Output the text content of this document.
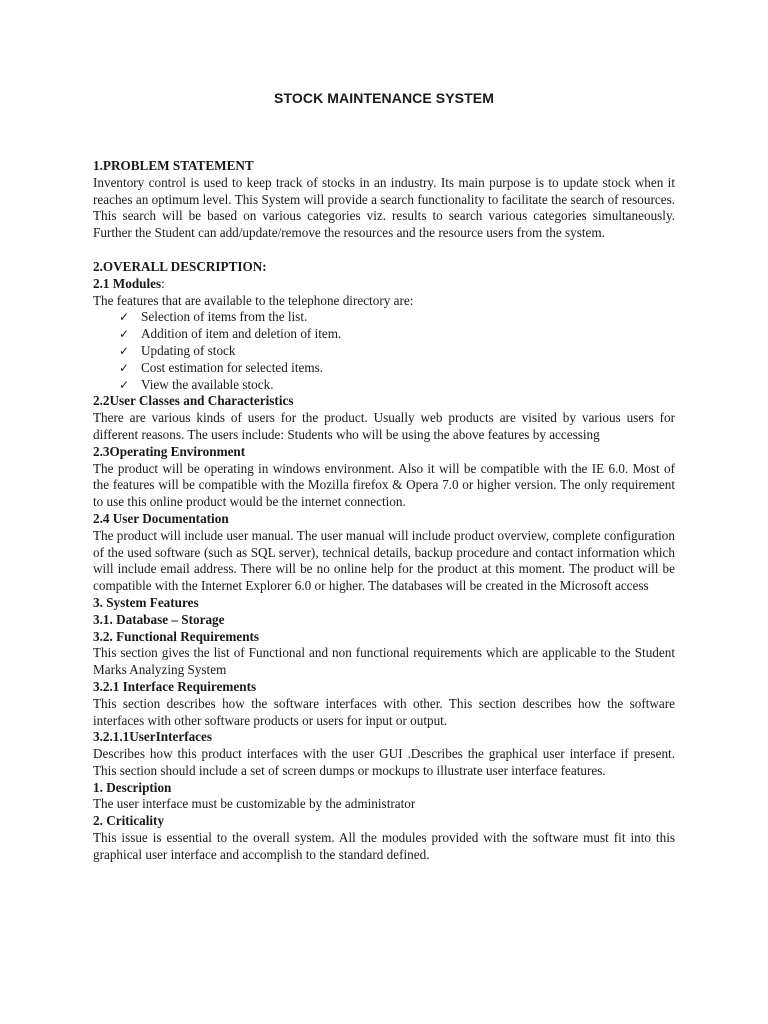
STOCK MAINTENANCE SYSTEM

1.PROBLEM STATEMENT

Inventory control is used to keep track of stocks in an industry. Its main purpose is to update stock when it reaches an optimum level. This System will provide a search functionality to facilitate the search of resources. This search will be based on various categories viz. results to search various categories simultaneously. Further the Student can add/update/remove the resources and the resource users from the system.

2.OVERALL DESCRIPTION:

2.1 Modules:

The features that are available to the telephone directory are:

✓ Selection of items from the list.
✓ Addition of item and deletion of item.
✓ Updating of stock
✓ Cost estimation for selected items.
✓ View the available stock.

2.2User Classes and Characteristics

There are various kinds of users for the product. Usually web products are visited by various users for different reasons. The users include: Students who will be using the above features by accessing

2.3Operating Environment

The product will be operating in windows environment. Also it will be compatible with the IE 6.0. Most of the features will be compatible with the Mozilla firefox & Opera 7.0 or higher version. The only requirement to use this online product would be the internet connection.

2.4 User Documentation

The product will include user manual. The user manual will include product overview, complete configuration of the used software (such as SQL server), technical details, backup procedure and contact information which will include email address. There will be no online help for the product at this moment. The product will be compatible with the Internet Explorer 6.0 or higher. The databases will be created in the Microsoft access

3. System Features

3.1. Database – Storage

3.2. Functional Requirements

This section gives the list of Functional and non functional requirements which are applicable to the Student Marks Analyzing System

3.2.1 Interface Requirements

This section describes how the software interfaces with other. This section describes how the software interfaces with other software products or users for input or output.

3.2.1.1UserInterfaces

Describes how this product interfaces with the user GUI .Describes the graphical user interface if present. This section should include a set of screen dumps or mockups to illustrate user interface features.

1. Description

The user interface must be customizable by the administrator

2. Criticality

This issue is essential to the overall system. All the modules provided with the software must fit into this graphical user interface and accomplish to the standard defined.
